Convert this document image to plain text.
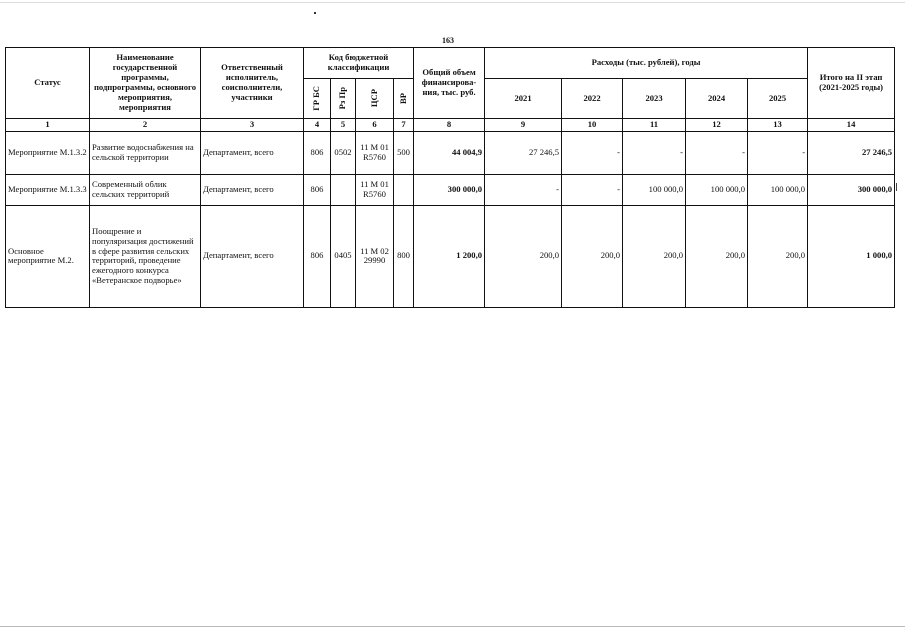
163
Статус	Наименование государственной программы, подпрограммы, основного мероприятия, мероприятия	Ответственный исполнитель, соисполнители, участники	Код бюджетной классификации				Общий объем финансирова-ния, тыс. руб.	Расходы (тыс. рублей), годы					Итого на II этап (2021-2025 годы)

			ГР БС	Рз Пр	ЦСР	ВР		2021	2022	2023	2024	2025	
1	2	3	4	5	6	7	8	9	10	11	12	13	14
Мероприятие М.1.3.2	Развитие водоснабжения на сельской территории	Департамент, всего	806	0502	11 М 01 R5760	500	44 004,9	27 246,5	-	-	-	-	27 246,5
Мероприятие М.1.3.3	Современный облик сельских территорий	Департамент, всего	806		11 М 01 R5760		300 000,0	-	-	100 000,0	100 000,0	100 000,0	300 000,0
Основное мероприятие М.2.	Поощрение и популяризация достижений в сфере развития сельских территорий, проведение ежегодного конкурса «Ветеранское подворье»	Департамент, всего	806	0405	11 М 02 29990	800	1 200,0	200,0	200,0	200,0	200,0	200,0	1 000,0
